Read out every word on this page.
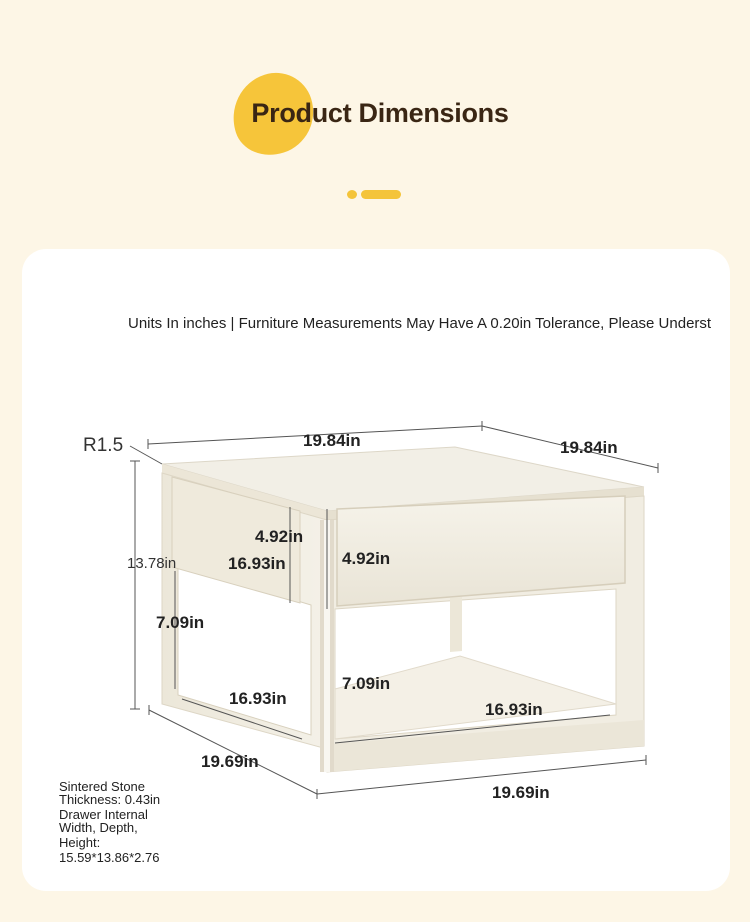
Product Dimensions
Units In inches | Furniture Measurements May Have A 0.20in Tolerance, Please Underst
R1.5	19.84in	19.84in
13.78in
4.92in
16.93in	4.92in
7.09in
7.09in
16.93in
16.93in
19.69in
19.69in
Sintered Stone
Thickness: 0.43in
Drawer Internal
Width, Depth,
Height:
15.59*13.86*2.76
